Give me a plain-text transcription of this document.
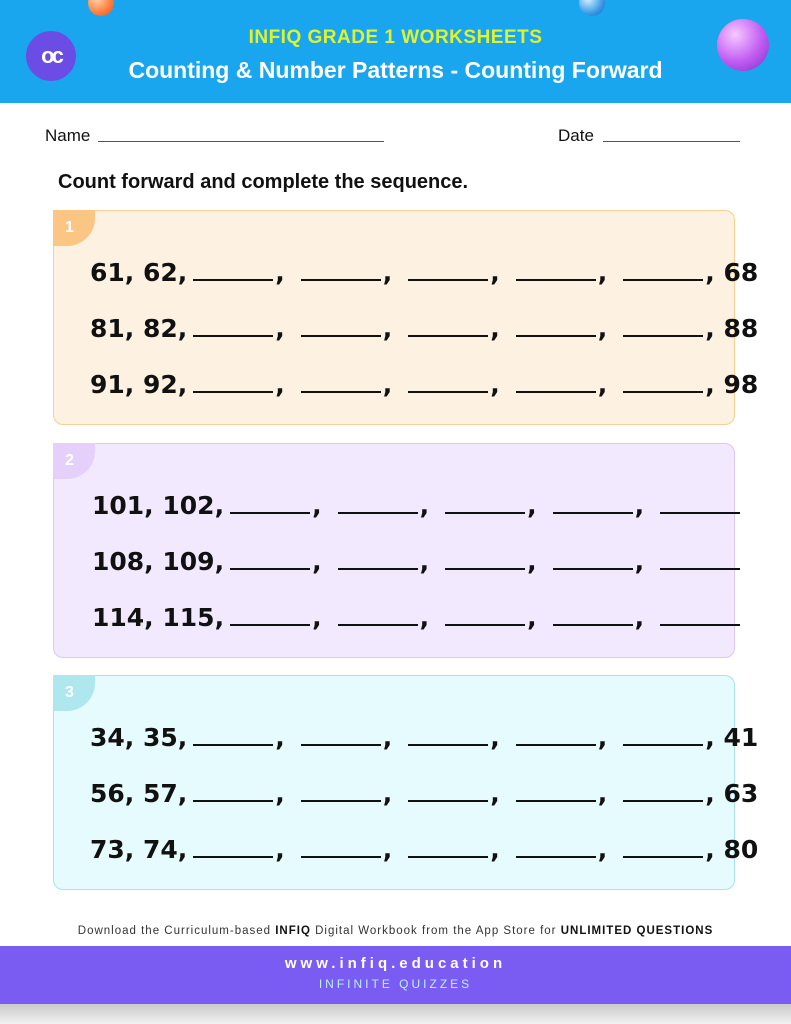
oc
INFIQ GRADE 1 WORKSHEETS
Counting & Number Patterns - Counting Forward
Name	Date
Count forward and complete the sequence.
1
61, 62,	,	,	,	,	, 68
81, 82,	,	,	,	,	, 88
91, 92,	,	,	,	,	, 98
2
101, 102,	,	,	,	,
108, 109,	,	,	,	,
114, 115,	,	,	,	,
3
34, 35,	,	,	,	,	, 41
56, 57,	,	,	,	,	, 63
73, 74,	,	,	,	,	, 80
Download the Curriculum-based INFIQ Digital Workbook from the App Store for UNLIMITED QUESTIONS
www.infiq.education
INFINITE QUIZZES
